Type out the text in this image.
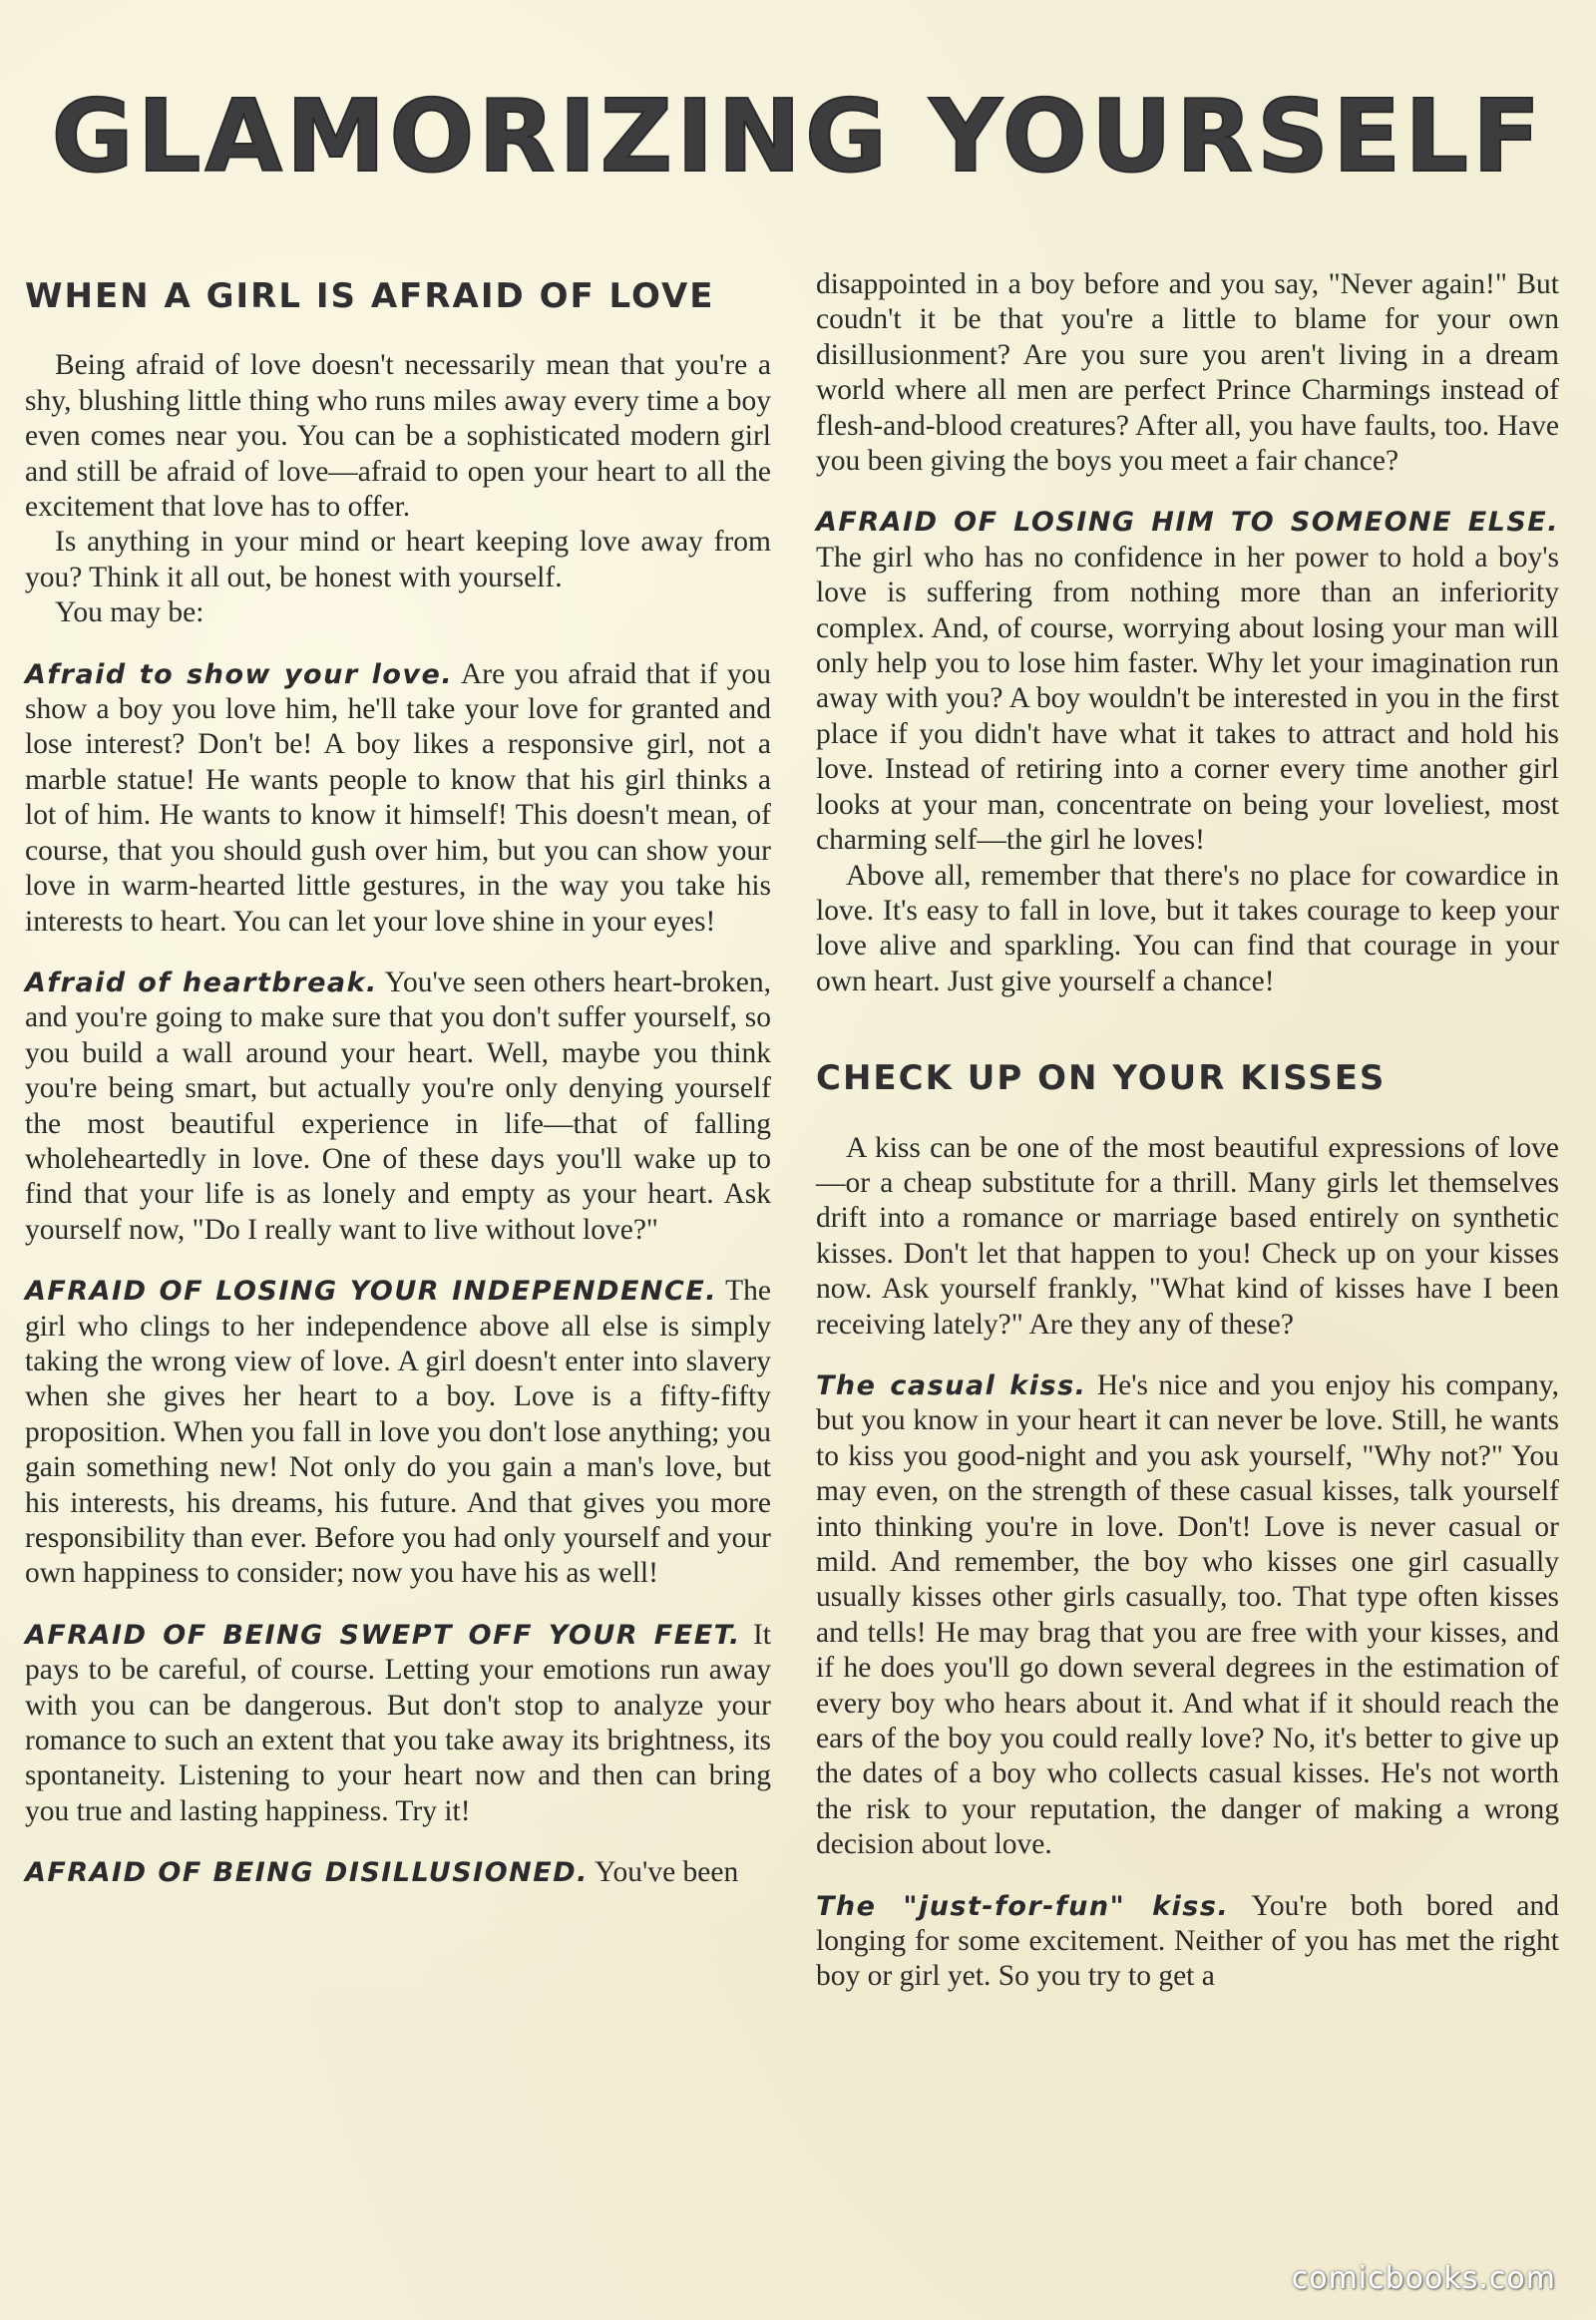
GLAMORIZING YOURSELF
WHEN A GIRL IS AFRAID OF LOVE

Being afraid of love doesn't necessarily mean that you're a shy, blushing little thing who runs miles away every time a boy even comes near you. You can be a sophisticated modern girl and still be afraid of love—afraid to open your heart to all the excitement that love has to offer.

Is anything in your mind or heart keeping love away from you? Think it all out, be honest with yourself.

You may be:

Afraid to show your love. Are you afraid that if you show a boy you love him, he'll take your love for granted and lose interest? Don't be! A boy likes a responsive girl, not a marble statue! He wants people to know that his girl thinks a lot of him. He wants to know it himself! This doesn't mean, of course, that you should gush over him, but you can show your love in warm-hearted little gestures, in the way you take his interests to heart. You can let your love shine in your eyes!

Afraid of heartbreak. You've seen others heart-broken, and you're going to make sure that you don't suffer yourself, so you build a wall around your heart. Well, maybe you think you're being smart, but actually you're only denying yourself the most beautiful experience in life—that of falling wholeheartedly in love. One of these days you'll wake up to find that your life is as lonely and empty as your heart. Ask yourself now, "Do I really want to live without love?"

AFRAID OF LOSING YOUR INDEPENDENCE. The girl who clings to her independence above all else is simply taking the wrong view of love. A girl doesn't enter into slavery when she gives her heart to a boy. Love is a fifty-fifty proposition. When you fall in love you don't lose anything; you gain something new! Not only do you gain a man's love, but his interests, his dreams, his future. And that gives you more responsibility than ever. Before you had only yourself and your own happiness to consider; now you have his as well!

AFRAID OF BEING SWEPT OFF YOUR FEET. It pays to be careful, of course. Letting your emotions run away with you can be dangerous. But don't stop to analyze your romance to such an extent that you take away its brightness, its spontaneity. Listening to your heart now and then can bring you true and lasting happiness. Try it!

AFRAID OF BEING DISILLUSIONED. You've been

disappointed in a boy before and you say, "Never again!" But coudn't it be that you're a little to blame for your own disillusionment? Are you sure you aren't living in a dream world where all men are perfect Prince Charmings instead of flesh-and-blood creatures? After all, you have faults, too. Have you been giving the boys you meet a fair chance?

AFRAID OF LOSING HIM TO SOMEONE ELSE. The girl who has no confidence in her power to hold a boy's love is suffering from nothing more than an inferiority complex. And, of course, worrying about losing your man will only help you to lose him faster. Why let your imagination run away with you? A boy wouldn't be interested in you in the first place if you didn't have what it takes to attract and hold his love. Instead of retiring into a corner every time another girl looks at your man, concentrate on being your loveliest, most charming self—the girl he loves!

Above all, remember that there's no place for cowardice in love. It's easy to fall in love, but it takes courage to keep your love alive and sparkling. You can find that courage in your own heart. Just give yourself a chance!

CHECK UP ON YOUR KISSES

A kiss can be one of the most beautiful expressions of love—or a cheap substitute for a thrill. Many girls let themselves drift into a romance or marriage based entirely on synthetic kisses. Don't let that happen to you! Check up on your kisses now. Ask yourself frankly, "What kind of kisses have I been receiving lately?" Are they any of these?

The casual kiss. He's nice and you enjoy his company, but you know in your heart it can never be love. Still, he wants to kiss you good-night and you ask yourself, "Why not?" You may even, on the strength of these casual kisses, talk yourself into thinking you're in love. Don't! Love is never casual or mild. And remember, the boy who kisses one girl casually usually kisses other girls casually, too. That type often kisses and tells! He may brag that you are free with your kisses, and if he does you'll go down several degrees in the estimation of every boy who hears about it. And what if it should reach the ears of the boy you could really love? No, it's better to give up the dates of a boy who collects casual kisses. He's not worth the risk to your reputation, the danger of making a wrong decision about love.

The "just-for-fun" kiss. You're both bored and longing for some excitement. Neither of you has met the right boy or girl yet. So you try to get a

comicbooks.com
